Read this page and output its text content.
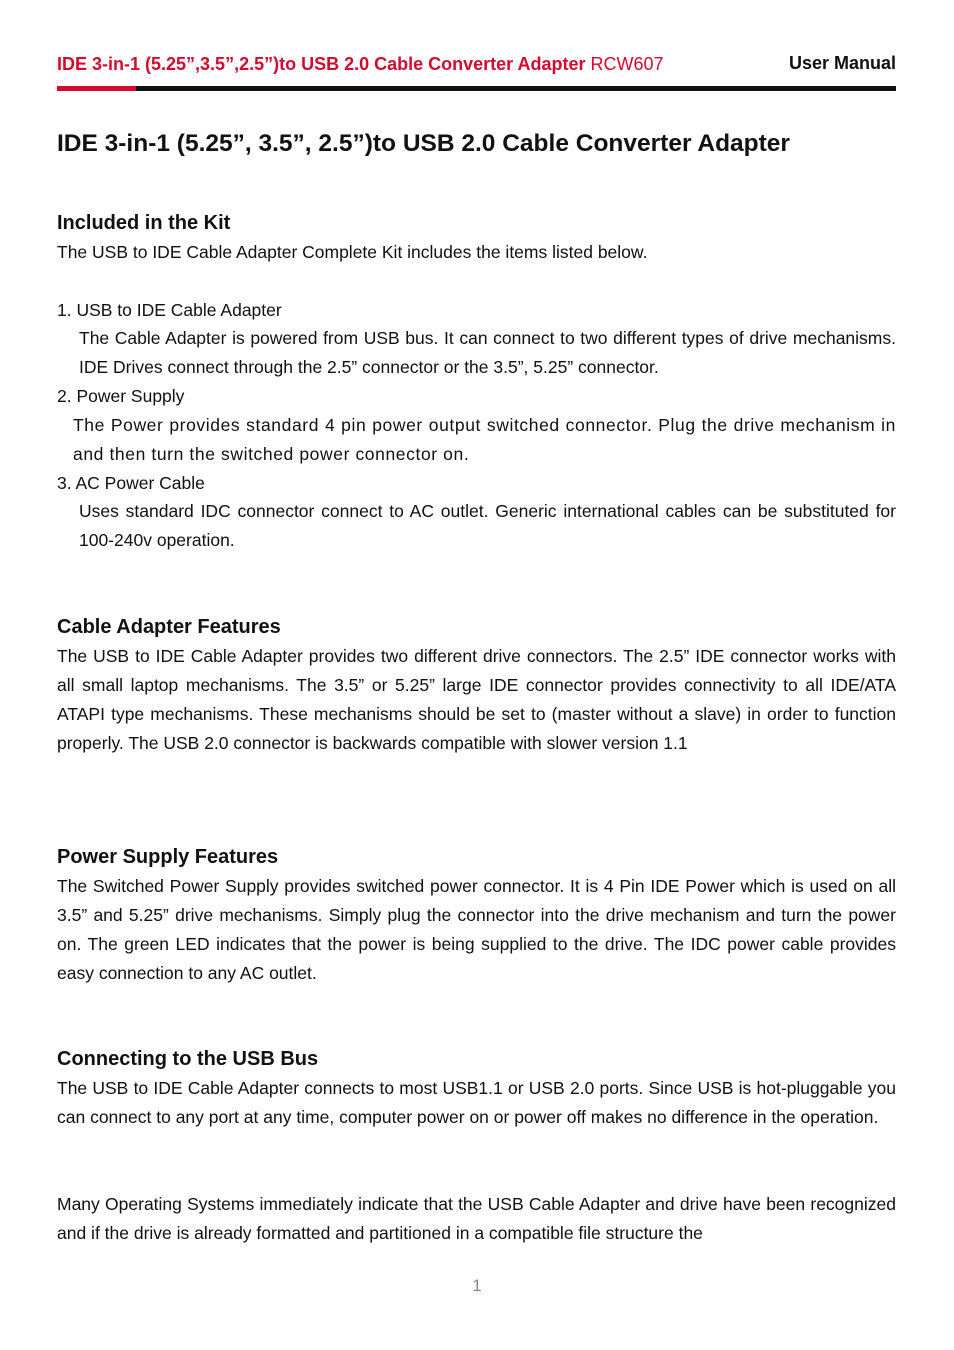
IDE 3-in-1 (5.25”,3.5”,2.5”)to USB 2.0 Cable Converter Adapter RCW607	User Manual
IDE 3-in-1 (5.25”, 3.5”, 2.5”)to USB 2.0 Cable Converter Adapter
Included in the Kit

The USB to IDE Cable Adapter Complete Kit includes the items listed below.

1. USB to IDE Cable Adapter

The Cable Adapter is powered from USB bus. It can connect to two different types of drive mechanisms. IDE Drives connect through the 2.5” connector or the 3.5”, 5.25” connector.

2. Power Supply

The Power provides standard 4 pin power output switched connector. Plug the drive mechanism in and then turn the switched power connector on.

3. AC Power Cable

Uses standard IDC connector connect to AC outlet. Generic international cables can be substituted for 100-240v operation.

Cable Adapter Features

The USB to IDE Cable Adapter provides two different drive connectors. The 2.5” IDE connector works with all small laptop mechanisms. The 3.5” or 5.25” large IDE connector provides connectivity to all IDE/ATA ATAPI type mechanisms. These mechanisms should be set to (master without a slave) in order to function properly. The USB 2.0 connector is backwards compatible with slower version 1.1

Power Supply Features

The Switched Power Supply provides switched power connector. It is 4 Pin IDE Power which is used on all 3.5” and 5.25” drive mechanisms. Simply plug the connector into the drive mechanism and turn the power on. The green LED indicates that the power is being supplied to the drive. The IDC power cable provides easy connection to any AC outlet.

Connecting to the USB Bus

The USB to IDE Cable Adapter connects to most USB1.1 or USB 2.0 ports. Since USB is hot-pluggable you can connect to any port at any time, computer power on or power off makes no difference in the operation.

Many Operating Systems immediately indicate that the USB Cable Adapter and drive have been recognized and if the drive is already formatted and partitioned in a compatible file structure the

1
